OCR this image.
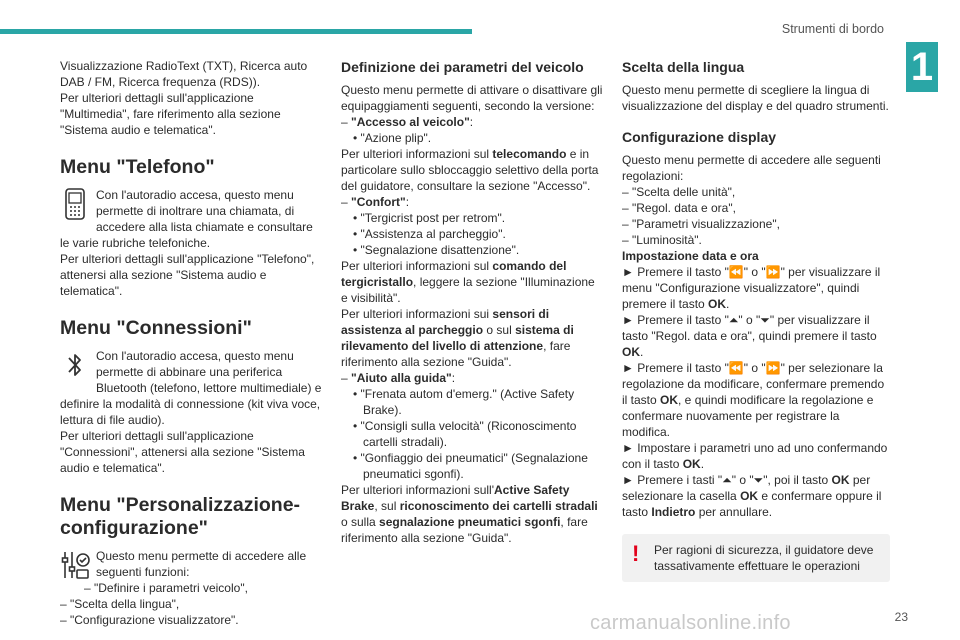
Strumenti di bordo
1

Visualizzazione RadioText (TXT), Ricerca auto DAB / FM, Ricerca frequenza (RDS)).

Per ulteriori dettagli sull'applicazione "Multimedia", fare riferimento alla sezione "Sistema audio e telematica".

Menu "Telefono"

Con l'autoradio accesa, questo menu permette di inoltrare una chiamata, di accedere alla lista chiamate e consultare le varie rubriche telefoniche.

Per ulteriori dettagli sull'applicazione "Telefono", attenersi alla sezione "Sistema audio e telematica".

Menu "Connessioni"

Con l'autoradio accesa, questo menu permette di abbinare una periferica Bluetooth (telefono, lettore multimediale) e definire la modalità di connessione (kit viva voce, lettura di file audio).

Per ulteriori dettagli sull'applicazione "Connessioni", attenersi alla sezione "Sistema audio e telematica".

Menu "Personalizzazione-configurazione"

Questo menu permette di accedere alle seguenti funzioni:

– "Definire i parametri veicolo",

– "Scelta della lingua",

– "Configurazione visualizzatore".

Definizione dei parametri del veicolo

Questo menu permette di attivare o disattivare gli equipaggiamenti seguenti, secondo la versione:

– "Accesso al veicolo":

• "Azione plip".

Per ulteriori informazioni sul telecomando e in particolare sullo sbloccaggio selettivo della porta del guidatore, consultare la sezione "Accesso".

– "Confort":

• "Tergicrist post per retrom".

• "Assistenza al parcheggio".

• "Segnalazione disattenzione".

Per ulteriori informazioni sul comando del tergicristallo, leggere la sezione "Illuminazione e visibilità".

Per ulteriori informazioni sui sensori di assistenza al parcheggio o sul sistema di rilevamento del livello di attenzione, fare riferimento alla sezione "Guida".

– "Aiuto alla guida":

• "Frenata autom d'emerg." (Active Safety Brake).

• "Consigli sulla velocità" (Riconoscimento cartelli stradali).

• "Gonfiaggio dei pneumatici" (Segnalazione pneumatici sgonfi).

Per ulteriori informazioni sull'Active Safety Brake, sul riconoscimento dei cartelli stradali o sulla segnalazione pneumatici sgonfi, fare riferimento alla sezione "Guida".

Scelta della lingua

Questo menu permette di scegliere la lingua di visualizzazione del display e del quadro strumenti.

Configurazione display

Questo menu permette di accedere alle seguenti regolazioni:

– "Scelta delle unità",

– "Regol. data e ora",

– "Parametri visualizzazione",

– "Luminosità".

Impostazione data e ora

► Premere il tasto "⏪" o "⏩" per visualizzare il menu "Configurazione visualizzatore", quindi premere il tasto OK.

► Premere il tasto "⏶" o "⏷" per visualizzare il tasto "Regol. data e ora", quindi premere il tasto OK.

► Premere il tasto "⏪" o "⏩" per selezionare la regolazione da modificare, confermare premendo il tasto OK, e quindi modificare la regolazione e confermare nuovamente per registrare la modifica.

► Impostare i parametri uno ad uno confermando con il tasto OK.

► Premere i tasti "⏶" o "⏷", poi il tasto OK per selezionare la casella OK e confermare oppure il tasto Indietro per annullare.

! Per ragioni di sicurezza, il guidatore deve tassativamente effettuare le operazioni

carmanualsonline.info	23
